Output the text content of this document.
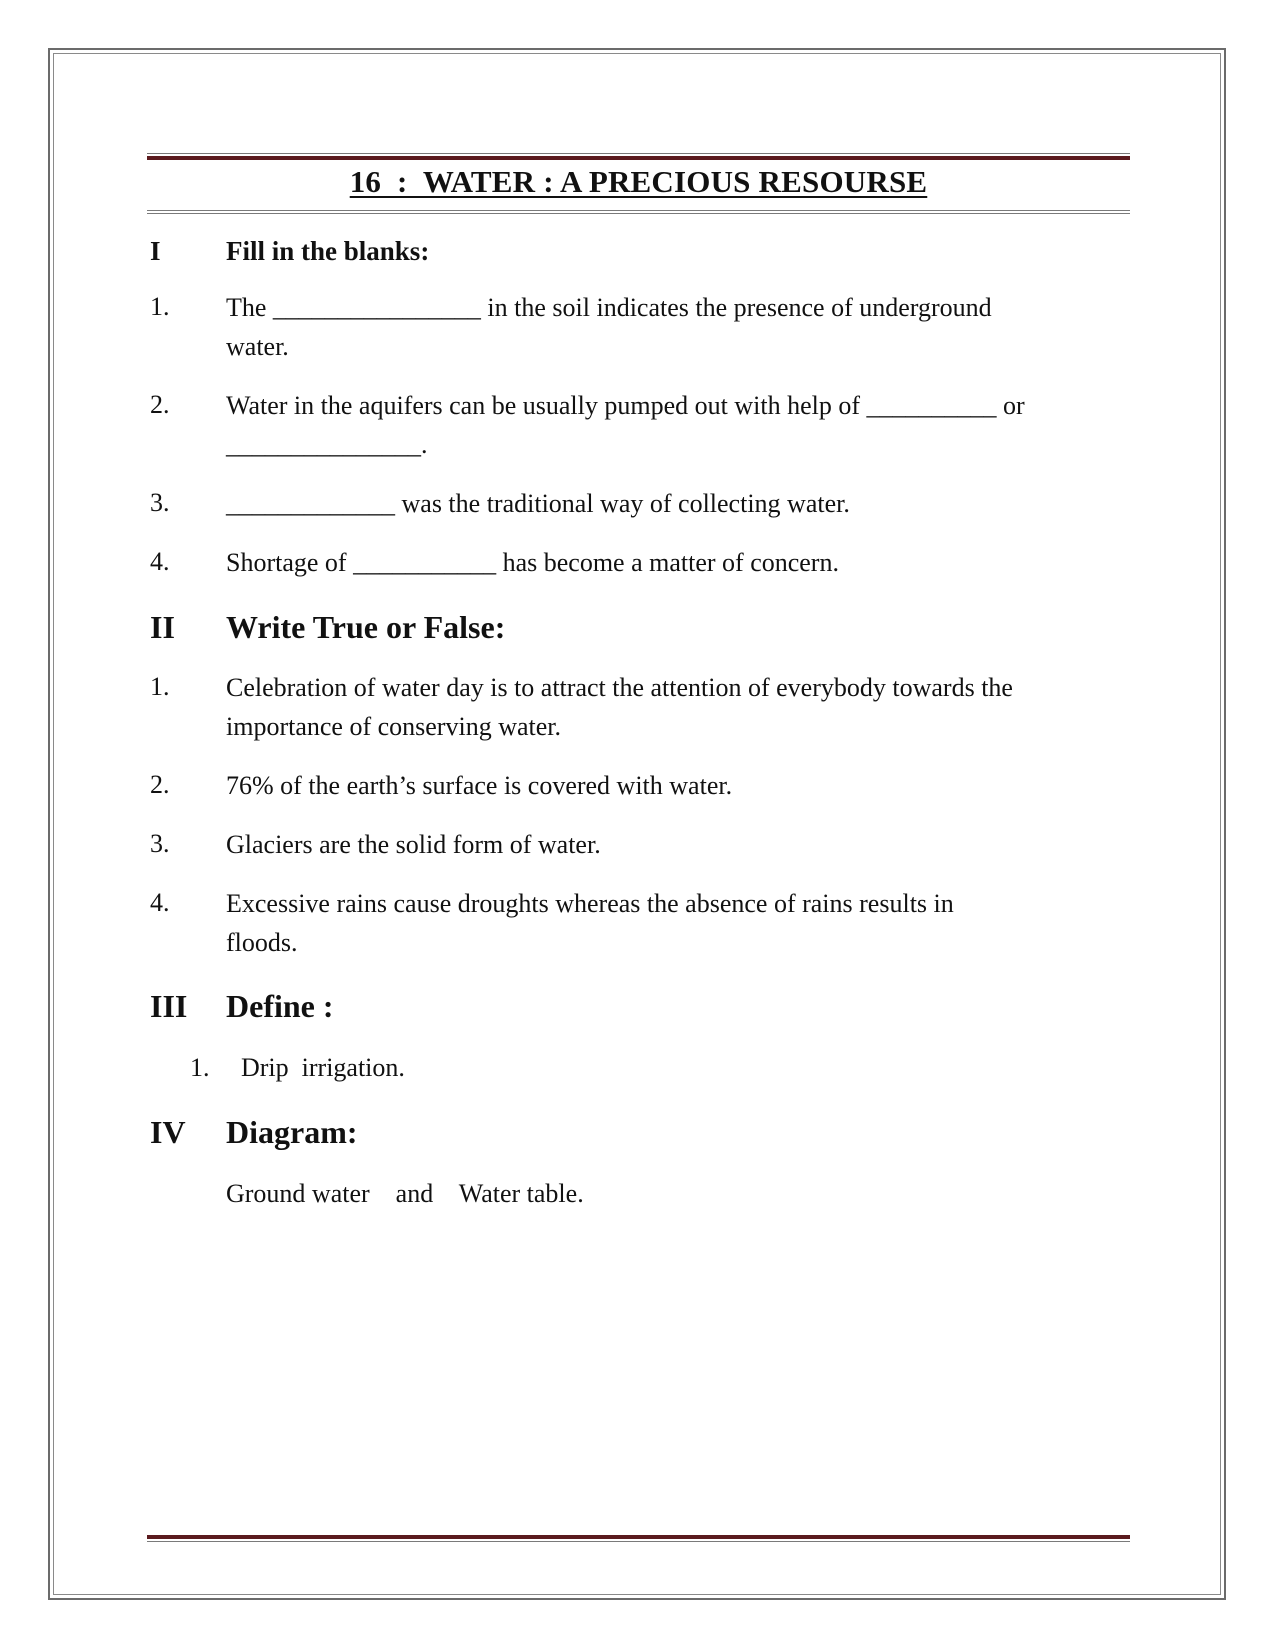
16  :  WATER : A PRECIOUS RESOURSE
I Fill in the blanks:
1. The ________________ in the soil indicates the presence of underground
water.
2. Water in the aquifers can be usually pumped out with help of __________ or
_______________.
3. _____________ was the traditional way of collecting water.
4. Shortage of ___________ has become a matter of concern.
II Write True or False:
1. Celebration of water day is to attract the attention of everybody towards the
importance of conserving water.
2. 76% of the earth’s surface is covered with water.
3. Glaciers are the solid form of water.
4. Excessive rains cause droughts whereas the absence of rains results in
floods.
III Define :
1. Drip  irrigation.
IV Diagram:
Ground water    and    Water table.
